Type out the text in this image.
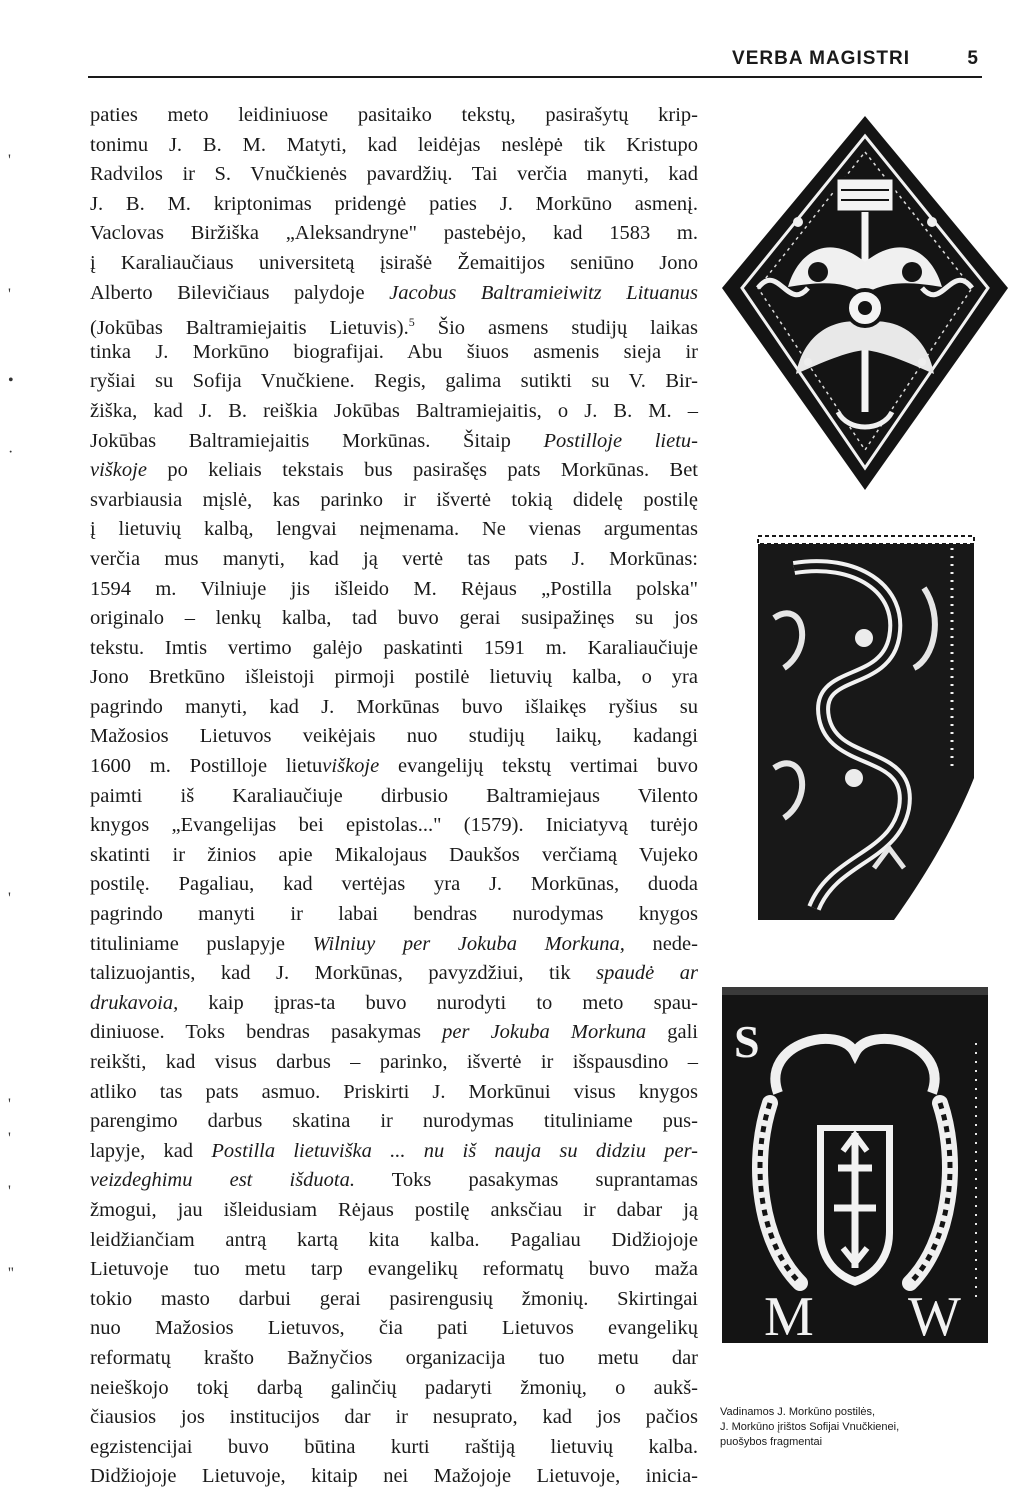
VERBA MAGISTRI	5
'
'
•
·
'
'
'
'
''
paties meto leidiniuose pasitaiko tekstų, pasirašytų krip-
tonimu J. B. M. Matyti, kad leidėjas neslėpė tik Kristupo
Radvilos ir S. Vnučkienės pavardžių. Tai verčia manyti, kad
J. B. M. kriptonimas pridengė paties J. Morkūno asmenį.
Vaclovas Biržiška „Aleksandryne" pastebėjo, kad 1583 m.
į Karaliaučiaus universitetą įsirašė Žemaitijos seniūno Jono
Alberto Bilevičiaus palydoje Jacobus Baltramieiwitz Lituanus
(Jokūbas Baltramiejaitis Lietuvis).$^5$ Šio asmens studijų laikas
tinka J. Morkūno biografijai. Abu šiuos asmenis sieja ir
ryšiai su Sofija Vnučkiene. Regis, galima sutikti su V. Bir-
žiška, kad J. B. reiškia Jokūbas Baltramiejaitis, o J. B. M. –
Jokūbas Baltramiejaitis Morkūnas. Šitaip Postilloje lietu-
viškoje po keliais tekstais bus pasirašęs pats Morkūnas. Bet
svarbiausia mįslė, kas parinko ir išvertė tokią didelę postilę
į lietuvių kalbą, lengvai neįmenama. Ne vienas argumentas
verčia mus manyti, kad ją vertė tas pats J. Morkūnas:
1594 m. Vilniuje jis išleido M. Rėjaus „Postilla polska"
originalo – lenkų kalba, tad buvo gerai susipažinęs su jos
tekstu. Imtis vertimo galėjo paskatinti 1591 m. Karaliaučiuje
Jono Bretkūno išleistoji pirmoji postilė lietuvių kalba, o yra
pagrindo manyti, kad J. Morkūnas buvo išlaikęs ryšius su
Mažosios Lietuvos veikėjais nuo studijų laikų, kadangi
1600 m. Postilloje lietuviškoje evangelijų tekstų vertimai buvo
paimti iš Karaliaučiuje dirbusio Baltramiejaus Vilento
knygos „Evangelijas bei epistolas..." (1579). Iniciatyvą turėjo
skatinti ir žinios apie Mikalojaus Daukšos verčiamą Vujeko
postilę. Pagaliau, kad vertėjas yra J. Morkūnas, duoda
pagrindo manyti ir labai bendras nurodymas knygos
tituliniame puslapyje Wilniuy per Jokuba Morkuna, nede-
talizuojantis, kad J. Morkūnas, pavyzdžiui, tik spaudė ar
drukavoia, kaip įpras-ta buvo nurodyti to meto spau-
diniuose. Toks bendras pasakymas per Jokuba Morkuna gali
reikšti, kad visus darbus – parinko, išvertė ir išspausdino –
atliko tas pats asmuo. Priskirti J. Morkūnui visus knygos
parengimo darbus skatina ir nurodymas tituliniame pus-
lapyje, kad Postilla lietuviška ... nu iš nauja su didziu per-
veizdeghimu est išduota. Toks pasakymas suprantamas
žmogui, jau išleidusiam Rėjaus postilę anksčiau ir dabar ją
leidžiančiam antrą kartą kita kalba. Pagaliau Didžiojoje
Lietuvoje tuo metu tarp evangelikų reformatų buvo maža
tokio masto darbui gerai pasirengusių žmonių. Skirtingai
nuo Mažosios Lietuvos, čia pati Lietuvos evangelikų
reformatų krašto Bažnyčios organizacija tuo metu dar
neieškojo tokį darbą galinčių padaryti žmonių, o aukš-
čiausios jos institucijos dar ir nesuprato, kad jos pačios
egzistencijai buvo būtina kurti raštiją lietuvių kalba.
Didžiojoje Lietuvoje, kitaip nei Mažojoje Lietuvoje, inicia-
S
M W
Vadinamos J. Morkūno postilės,
J. Morkūno įrištos Sofijai Vnučkienei,
puošybos fragmentai
